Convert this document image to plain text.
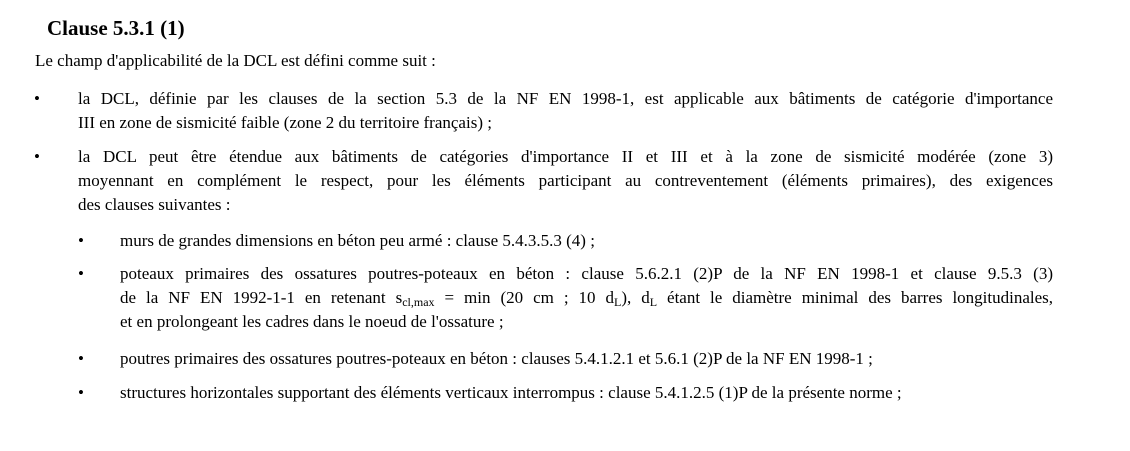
Clause 5.3.1 (1)
Le champ d'applicabilité de la DCL est défini comme suit :
• la DCL, définie par les clauses de la section 5.3 de la NF EN 1998-1, est applicable aux bâtiments de catégorie d'importance
III en zone de sismicité faible (zone 2 du territoire français) ;
• la DCL peut être étendue aux bâtiments de catégories d'importance II et III et à la zone de sismicité modérée (zone 3)
moyennant en complément le respect, pour les éléments participant au contreventement (éléments primaires), des exigences
des clauses suivantes :
• murs de grandes dimensions en béton peu armé : clause 5.4.3.5.3 (4) ;
• poteaux primaires des ossatures poutres-poteaux en béton : clause 5.6.2.1 (2)P de la NF EN 1998-1 et clause 9.5.3 (3)
de la NF EN 1992-1-1 en retenant $s_{cl,max} = \min (20$ cm ; 10 $d_L$), $d_L$ étant le diamètre minimal des barres longitudinales,
et en prolongeant les cadres dans le noeud de l'ossature ;
• poutres primaires des ossatures poutres-poteaux en béton : clauses 5.4.1.2.1 et 5.6.1 (2)P de la NF EN 1998-1 ;
• structures horizontales supportant des éléments verticaux interrompus : clause 5.4.1.2.5 (1)P de la présente norme ;
